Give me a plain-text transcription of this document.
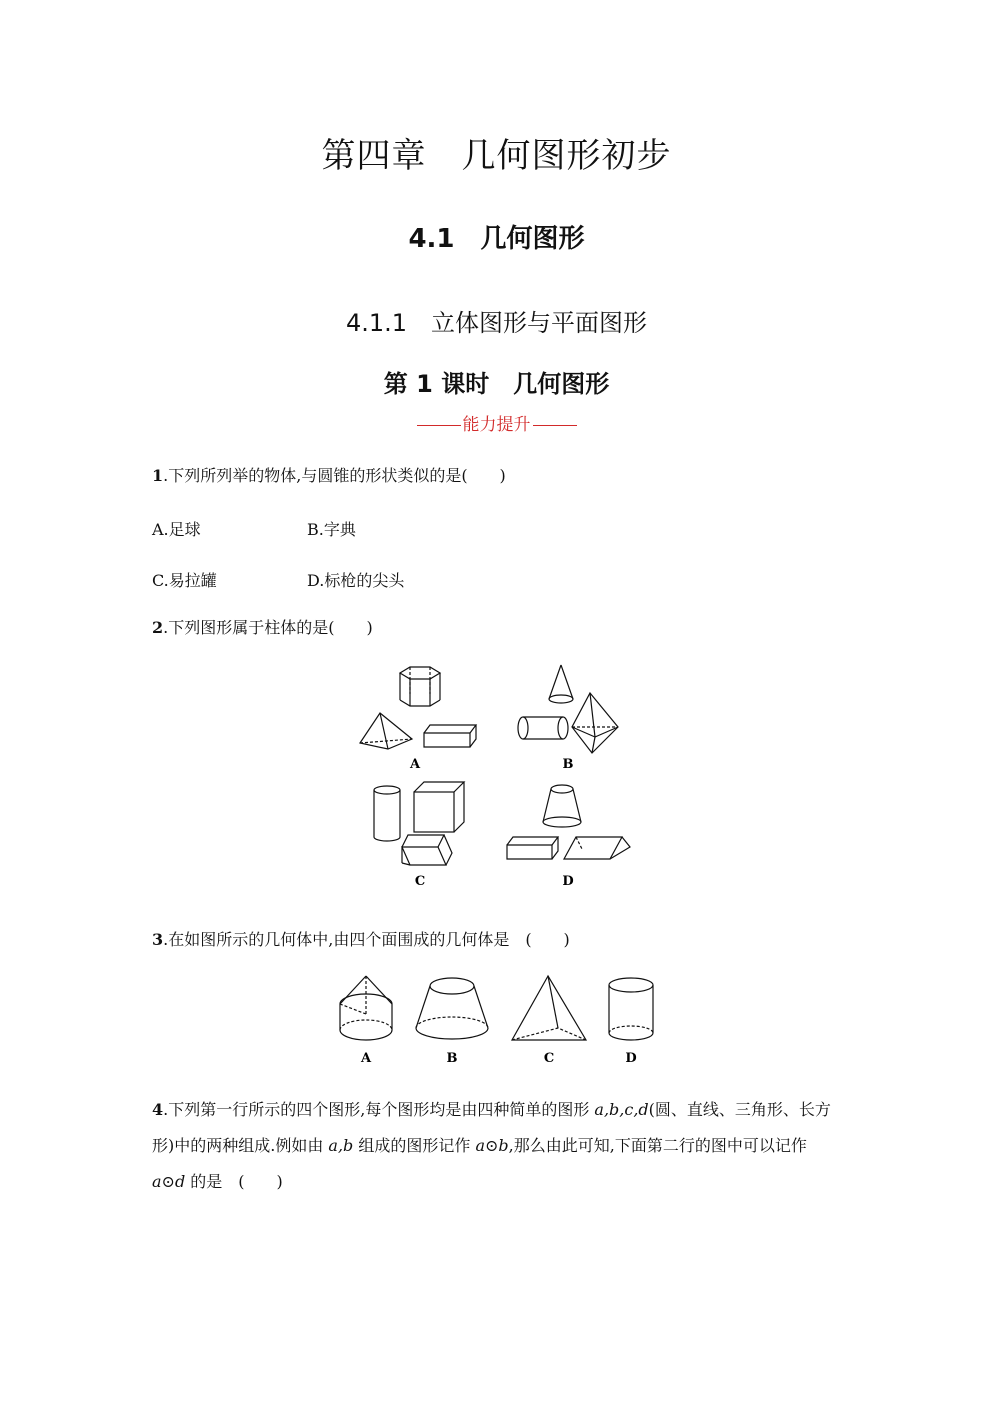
第四章　几何图形初步
4.1　几何图形
4.1.1　立体图形与平面图形
第 1 课时　几何图形
能力提升
1.下列所列举的物体,与圆锥的形状类似的是(　　)
A.足球	B.字典
C.易拉罐	D.标枪的尖头
2.下列图形属于柱体的是(　　)
A	B
C	D
3.在如图所示的几何体中,由四个面围成的几何体是　(　　)
A	B	C	D
4.下列第一行所示的四个图形,每个图形均是由四种简单的图形 a,b,c,d(圆、直线、三角形、长方形)中的两种组成.例如由 a,b 组成的图形记作 a⊙b,那么由此可知,下面第二行的图中可以记作 a⊙d 的是　(　　)
